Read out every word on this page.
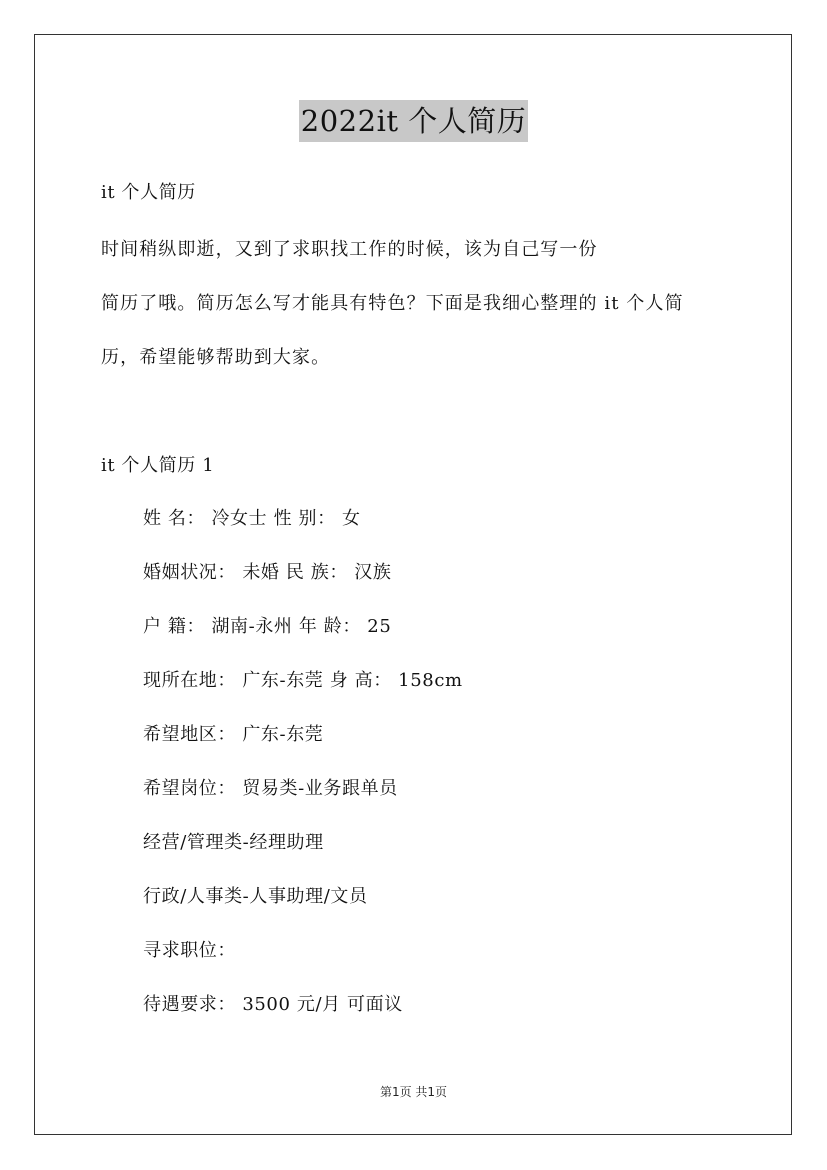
2022it 个人简历
it 个人简历
时间稍纵即逝，又到了求职找工作的时候，该为自己写一份
简历了哦。简历怎么写才能具有特色？下面是我细心整理的 it 个人简
历，希望能够帮助到大家。
it 个人简历 1
姓 名： 冷女士 性 别： 女
婚姻状况： 未婚 民 族： 汉族
户 籍： 湖南-永州 年 龄： 25
现所在地： 广东-东莞 身 高： 158cm
希望地区： 广东-东莞
希望岗位： 贸易类-业务跟单员
经营/管理类-经理助理
行政/人事类-人事助理/文员
寻求职位：
待遇要求： 3500 元/月 可面议
第1页 共1页
